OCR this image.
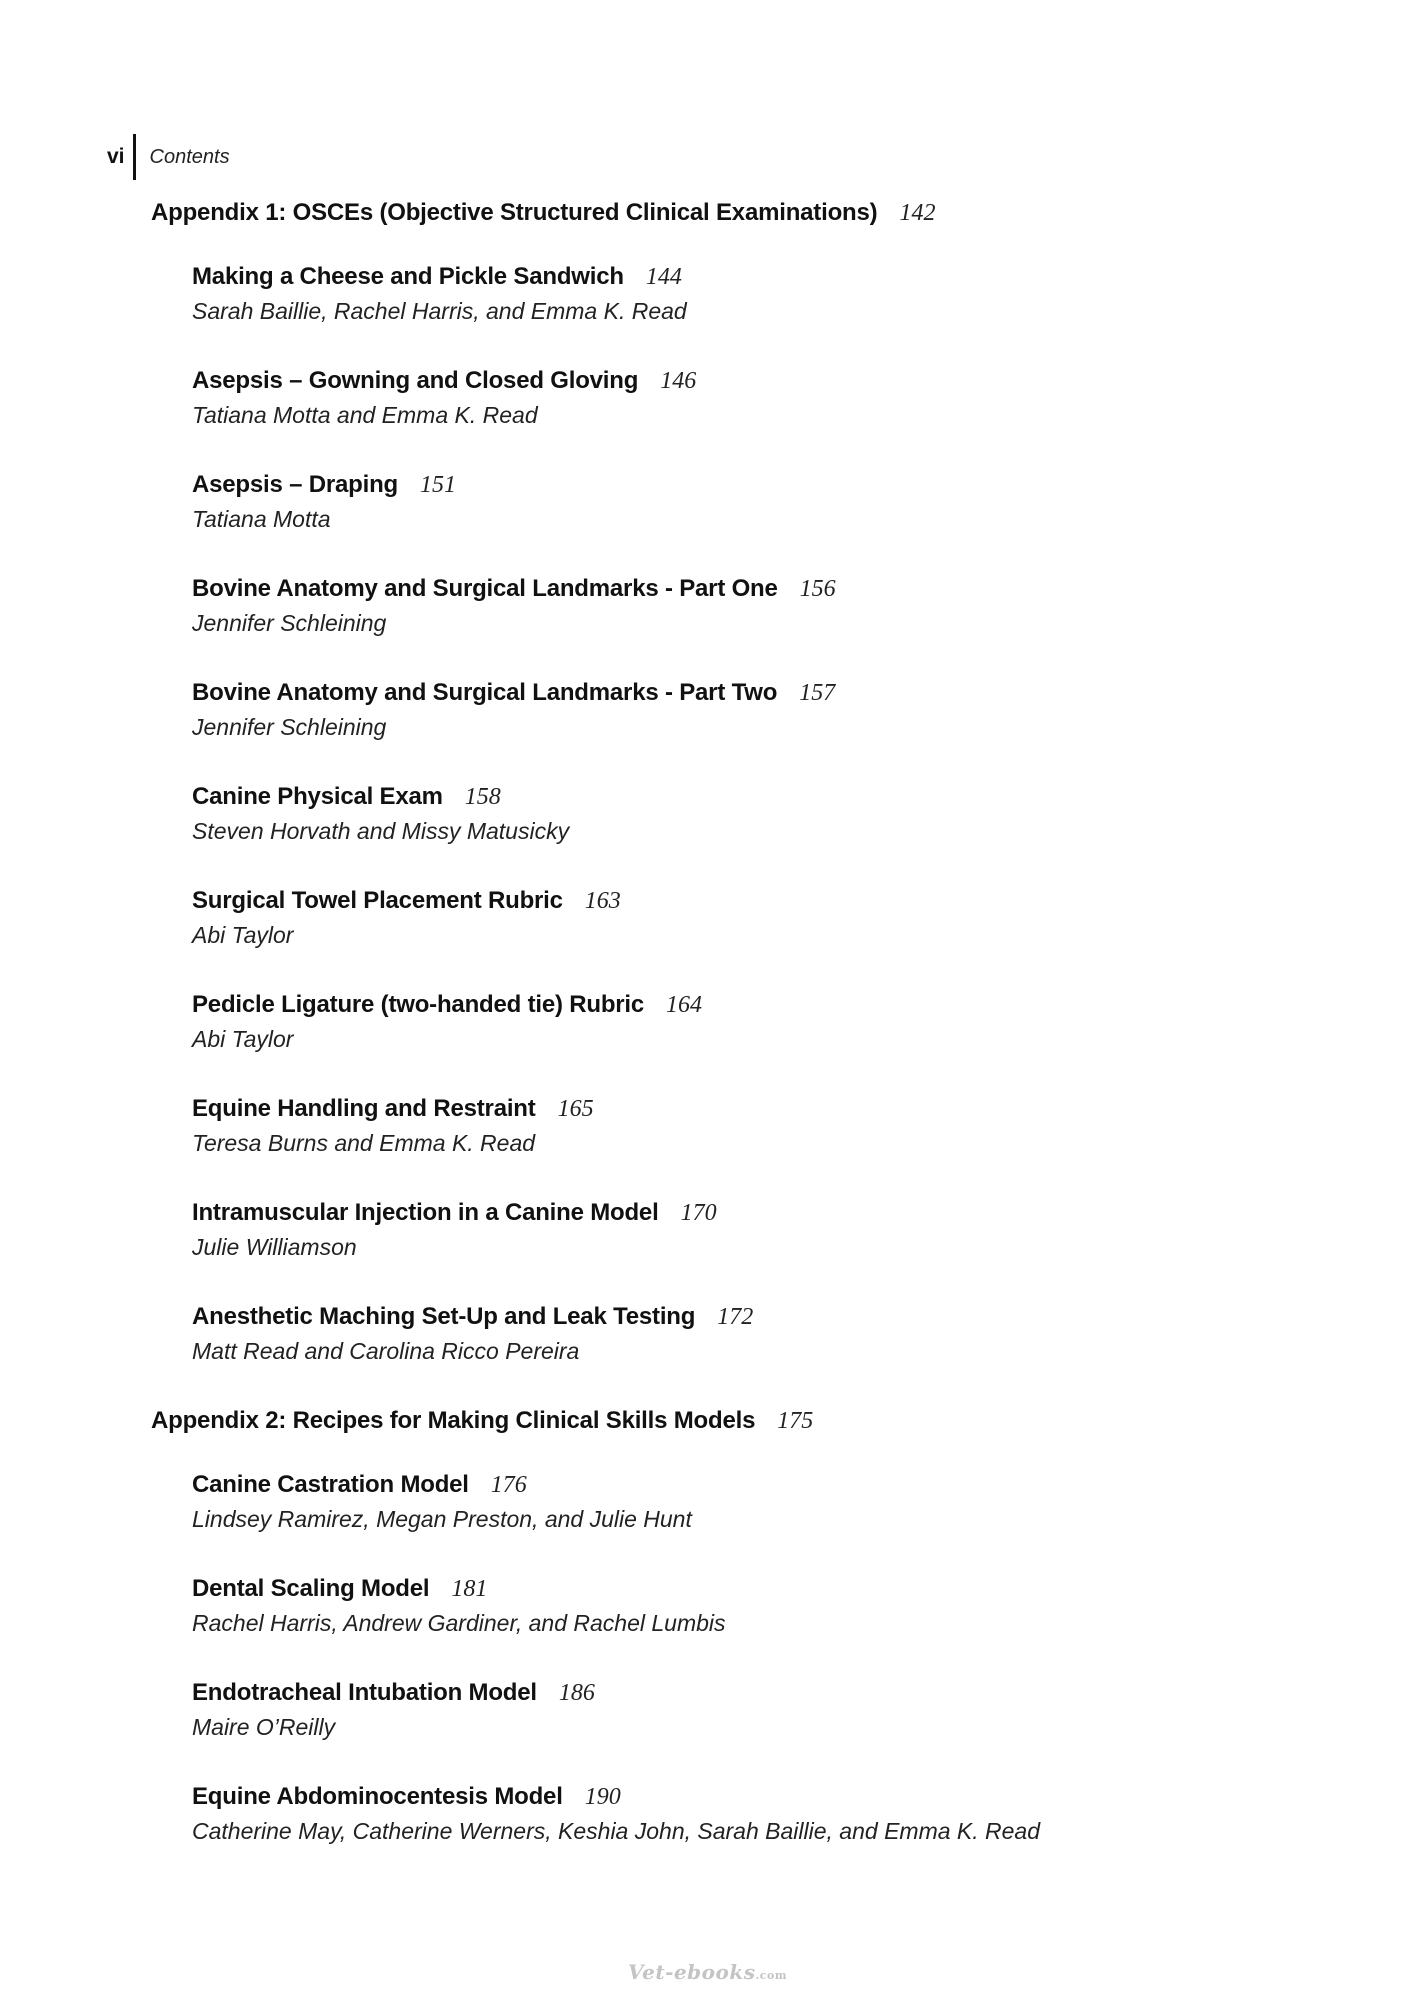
vi	Contents
Appendix 1: OSCEs (Objective Structured Clinical Examinations) 142
Making a Cheese and Pickle Sandwich 144
Sarah Baillie, Rachel Harris, and Emma K. Read
Asepsis – Gowning and Closed Gloving 146
Tatiana Motta and Emma K. Read
Asepsis – Draping 151
Tatiana Motta
Bovine Anatomy and Surgical Landmarks - Part One 156
Jennifer Schleining
Bovine Anatomy and Surgical Landmarks - Part Two 157
Jennifer Schleining
Canine Physical Exam 158
Steven Horvath and Missy Matusicky
Surgical Towel Placement Rubric 163
Abi Taylor
Pedicle Ligature (two-handed tie) Rubric 164
Abi Taylor
Equine Handling and Restraint 165
Teresa Burns and Emma K. Read
Intramuscular Injection in a Canine Model 170
Julie Williamson
Anesthetic Maching Set-Up and Leak Testing 172
Matt Read and Carolina Ricco Pereira
Appendix 2: Recipes for Making Clinical Skills Models 175
Canine Castration Model 176
Lindsey Ramirez, Megan Preston, and Julie Hunt
Dental Scaling Model 181
Rachel Harris, Andrew Gardiner, and Rachel Lumbis
Endotracheal Intubation Model 186
Maire O’Reilly
Equine Abdominocentesis Model 190
Catherine May, Catherine Werners, Keshia John, Sarah Baillie, and Emma K. Read
Vet-ebooks.com
